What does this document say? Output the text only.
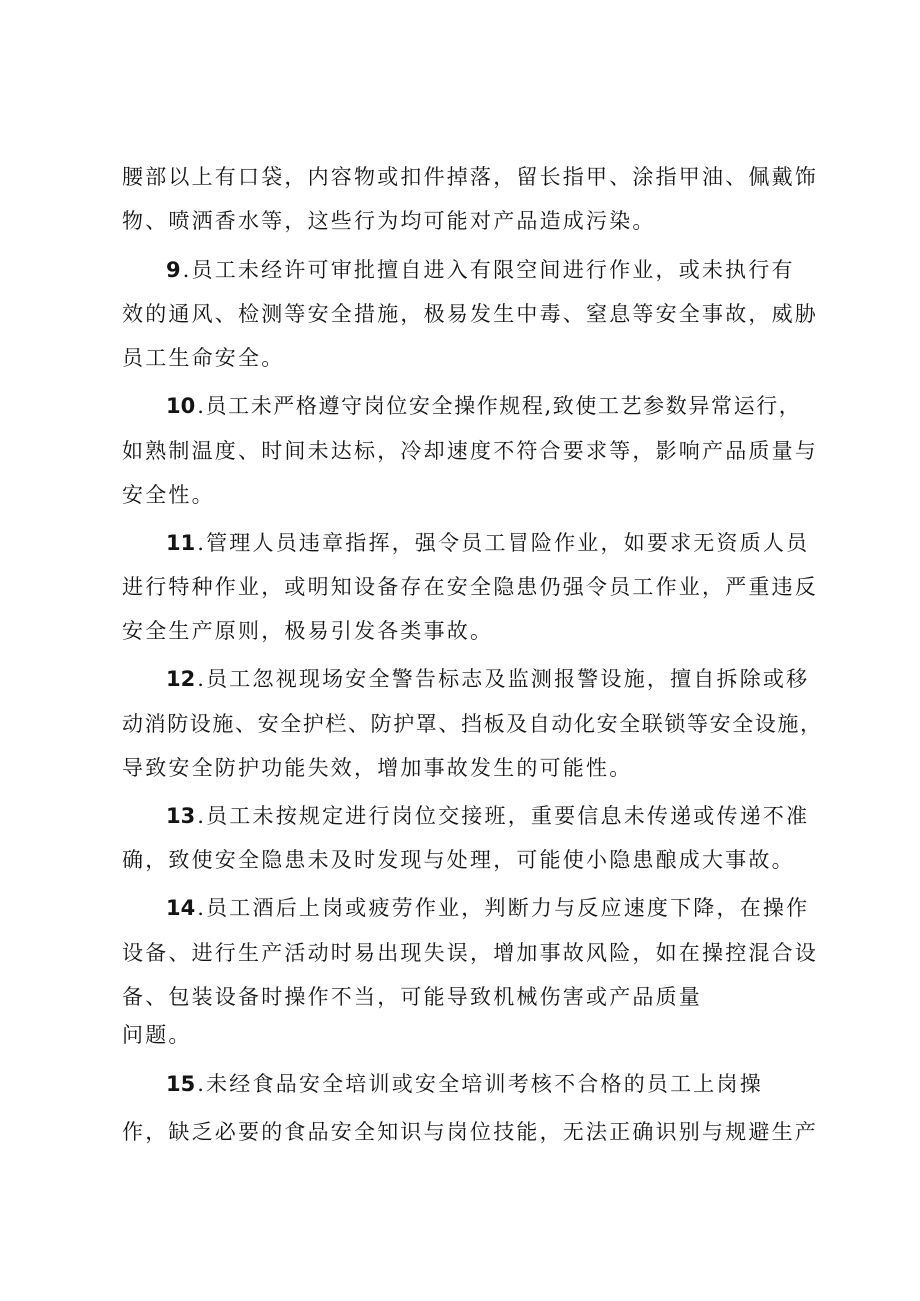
腰部以上有口袋，内容物或扣件掉落，留长指甲、涂指甲油、佩戴饰
物、喷洒香水等，这些行为均可能对产品造成污染。
9.员工未经许可审批擅自进入有限空间进行作业，或未执行有
效的通风、检测等安全措施，极易发生中毒、窒息等安全事故，威胁
员工生命安全。
10.员工未严格遵守岗位安全操作规程,致使工艺参数异常运行，
如熟制温度、时间未达标，冷却速度不符合要求等，影响产品质量与
安全性。
11.管理人员违章指挥，强令员工冒险作业，如要求无资质人员
进行特种作业，或明知设备存在安全隐患仍强令员工作业，严重违反
安全生产原则，极易引发各类事故。
12.员工忽视现场安全警告标志及监测报警设施，擅自拆除或移
动消防设施、安全护栏、防护罩、挡板及自动化安全联锁等安全设施，
导致安全防护功能失效，增加事故发生的可能性。
13.员工未按规定进行岗位交接班，重要信息未传递或传递不准
确，致使安全隐患未及时发现与处理，可能使小隐患酿成大事故。
14.员工酒后上岗或疲劳作业，判断力与反应速度下降，在操作
设备、进行生产活动时易出现失误，增加事故风险，如在操控混合设
备、包装设备时操作不当，可能导致机械伤害或产品质量
问题。
15.未经食品安全培训或安全培训考核不合格的员工上岗操
作，缺乏必要的食品安全知识与岗位技能，无法正确识别与规避生产
